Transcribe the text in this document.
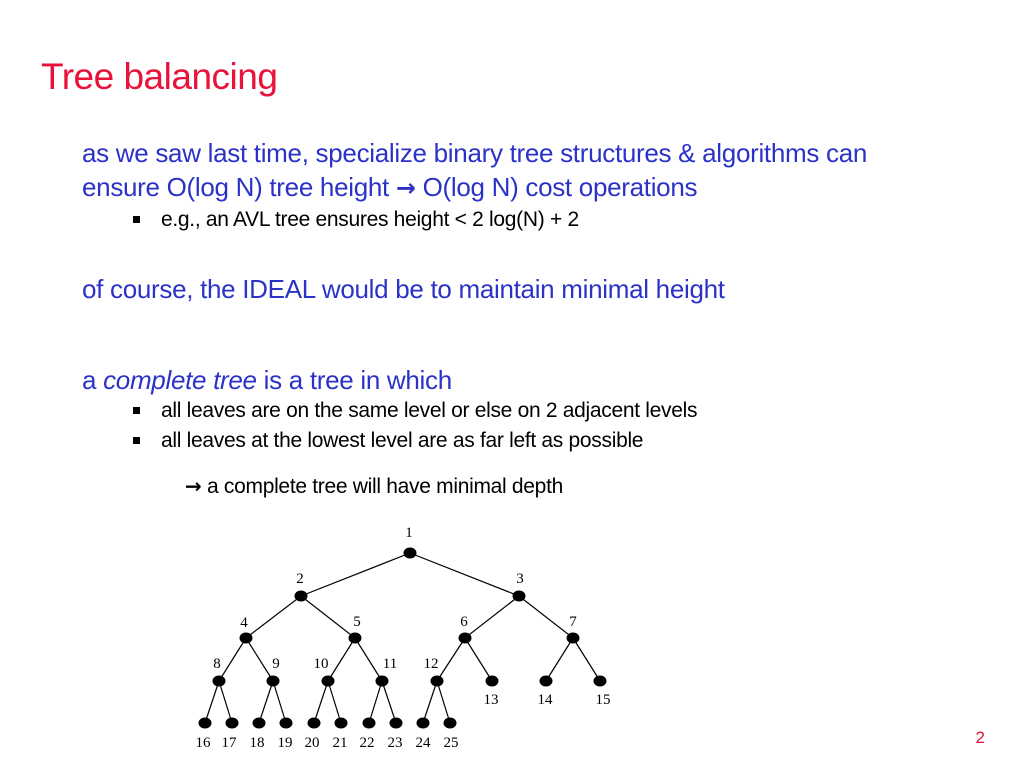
Tree balancing

as we saw last time, specialize binary tree structures & algorithms can
ensure O(log N) tree height → O(log N) cost operations

e.g., an AVL tree ensures height < 2 log(N) + 2

of course, the IDEAL would be to maintain minimal height

a complete tree is a tree in which

all leaves are on the same level or else on 2 adjacent levels

all leaves at the lowest level are as far left as possible

→ a complete tree will have minimal depth

1
2	3
4	5	6	7
8	9 10	11 12
13	14	15
16 17 18 19 20 21 22 23 24 25	2
